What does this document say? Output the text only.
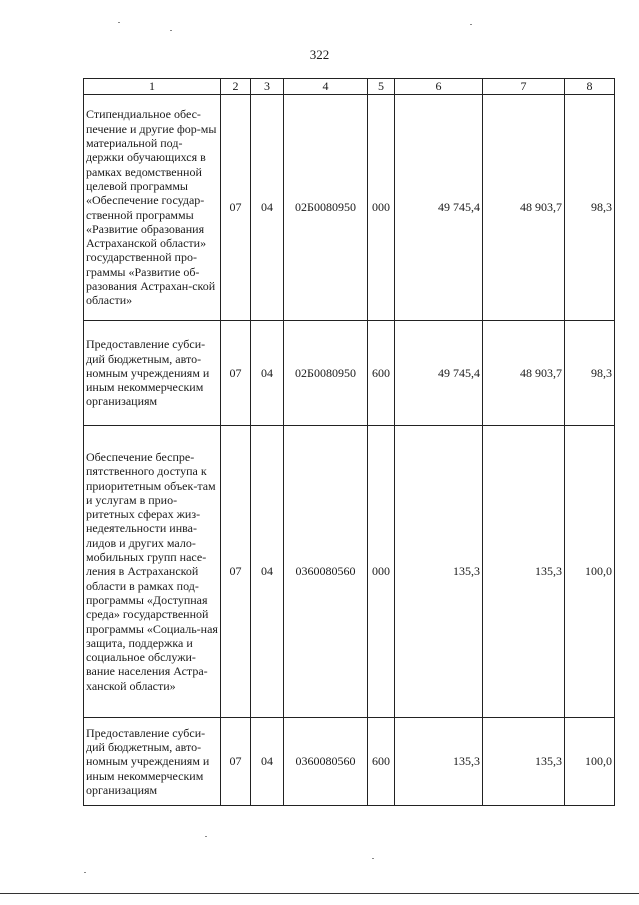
322
1	2	3	4	5	6	7	8
Стипендиальное обес-печение и другие фор-мы материальной под-держки обучающихся в рамках ведомственной целевой программы «Обеспечение государ-ственной программы «Развитие образования Астраханской области» государственной про-граммы «Развитие об-разования Астрахан-ской области»	07	04	02Б0080950	000	49 745,4	48 903,7	98,3
Предоставление субси-дий бюджетным, авто-номным учреждениям и иным некоммерческим организациям	07	04	02Б0080950	600	49 745,4	48 903,7	98,3
Обеспечение беспре-пятственного доступа к приоритетным объек-там и услугам в прио-ритетных сферах жиз-недеятельности инва-лидов и других мало-мобильных групп насе-ления в Астраханской области в рамках под-программы «Доступная среда» государственной программы «Социаль-ная защита, поддержка и социальное обслужи-вание населения Астра-ханской области»	07	04	0360080560	000	135,3	135,3	100,0
Предоставление субси-дий бюджетным, авто-номным учреждениям и иным некоммерческим организациям	07	04	0360080560	600	135,3	135,3	100,0
